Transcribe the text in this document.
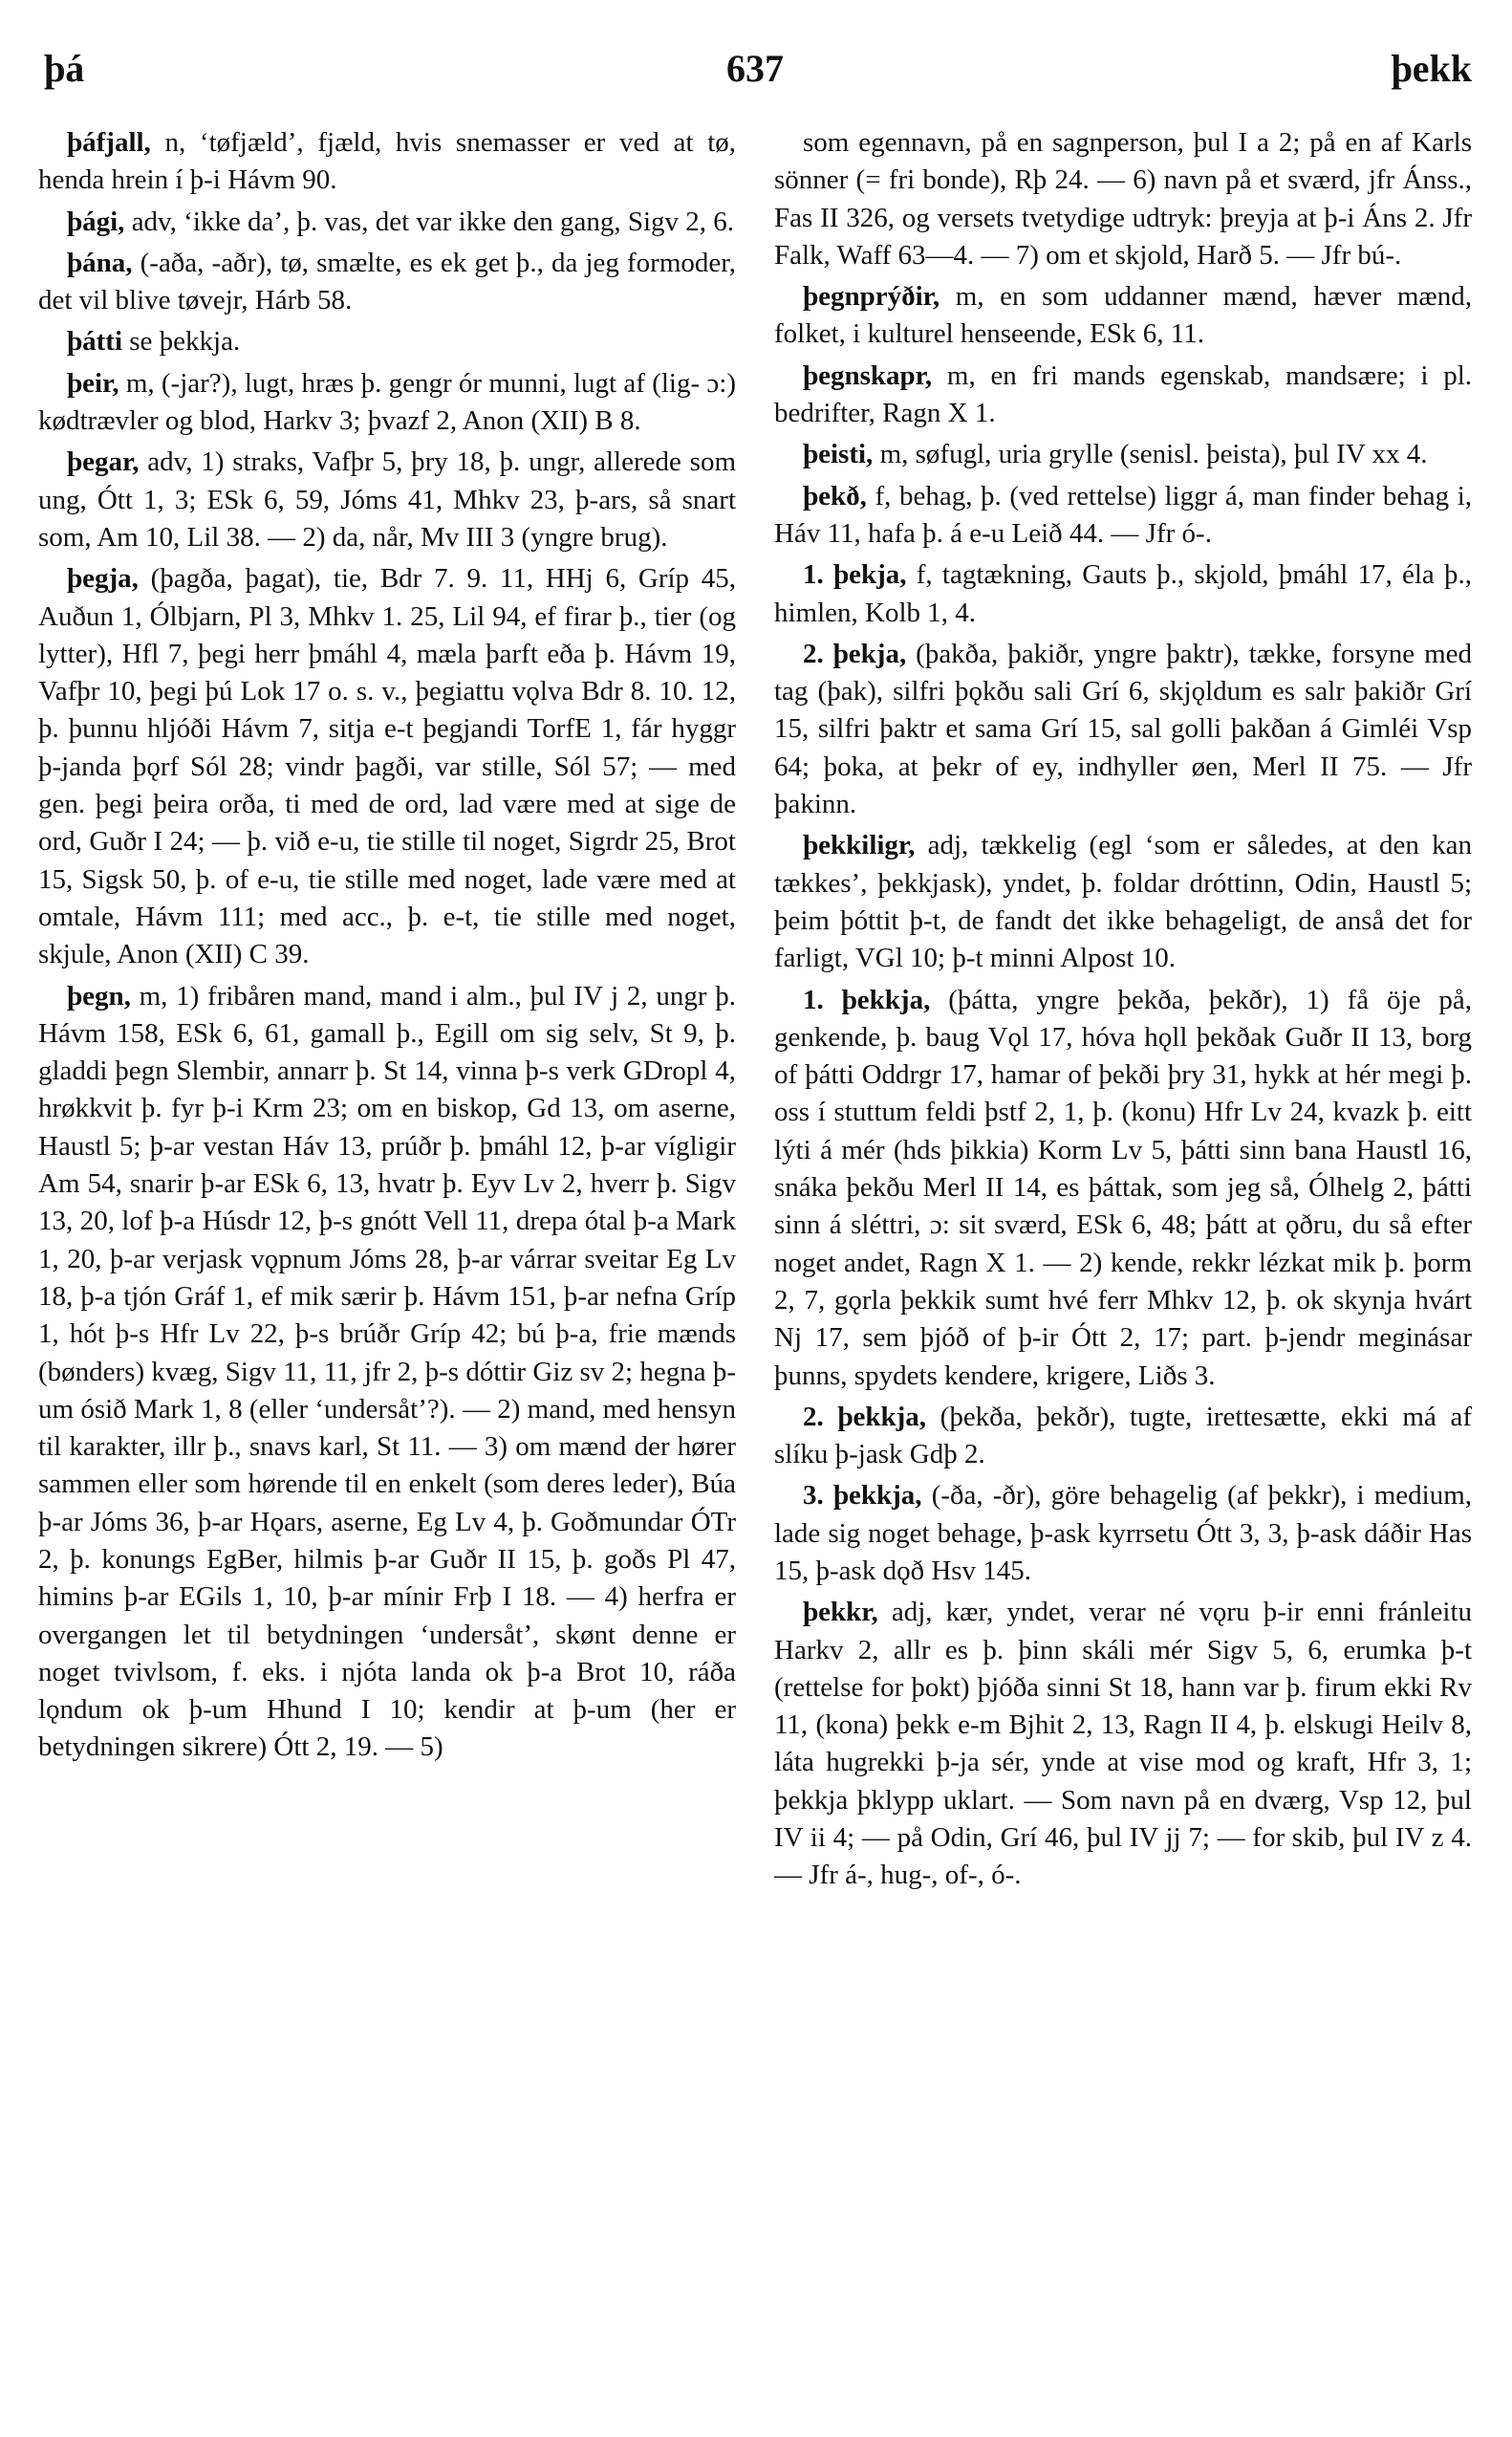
þá	637	þekk

þáfjall, n, ‘tøfjæld’, fjæld, hvis snemasser er ved at tø, henda hrein í þ-i Hávm 90.

þági, adv, ‘ikke da’, þ. vas, det var ikke den gang, Sigv 2, 6.

þána, (-aða, -aðr), tø, smælte, es ek get þ., da jeg formoder, det vil blive tøvejr, Hárb 58.

þátti se þekkja.

þeir, m, (-jar?), lugt, hræs þ. gengr ór munni, lugt af (lig- ɔ:) kødtrævler og blod, Harkv 3; þvazf 2, Anon (XII) B 8.

þegar, adv, 1) straks, Vafþr 5, þry 18, þ. ungr, allerede som ung, Ótt 1, 3; ESk 6, 59, Jóms 41, Mhkv 23, þ-ars, så snart som, Am 10, Lil 38. — 2) da, når, Mv III 3 (yngre brug).

þegja, (þagða, þagat), tie, Bdr 7. 9. 11, HHj 6, Gríp 45, Auðun 1, Ólbjarn, Pl 3, Mhkv 1. 25, Lil 94, ef firar þ., tier (og lytter), Hfl 7, þegi herr þmáhl 4, mæla þarft eða þ. Hávm 19, Vafþr 10, þegi þú Lok 17 o. s. v., þegiattu vǫlva Bdr 8. 10. 12, þ. þunnu hljóði Hávm 7, sitja e-t þegjandi TorfE 1, fár hyggr þ-janda þǫrf Sól 28; vindr þagði, var stille, Sól 57; — med gen. þegi þeira orða, ti med de ord, lad være med at sige de ord, Guðr I 24; — þ. við e-u, tie stille til noget, Sigrdr 25, Brot 15, Sigsk 50, þ. of e-u, tie stille med noget, lade være med at omtale, Hávm 111; med acc., þ. e-t, tie stille med noget, skjule, Anon (XII) C 39.

þegn, m, 1) fribåren mand, mand i alm., þul IV j 2, ungr þ. Hávm 158, ESk 6, 61, gamall þ., Egill om sig selv, St 9, þ. gladdi þegn Slembir, annarr þ. St 14, vinna þ-s verk GDropl 4, hrøkkvit þ. fyr þ-i Krm 23; om en biskop, Gd 13, om aserne, Haustl 5; þ-ar vestan Háv 13, prúðr þ. þmáhl 12, þ-ar vígligir Am 54, snarir þ-ar ESk 6, 13, hvatr þ. Eyv Lv 2, hverr þ. Sigv 13, 20, lof þ-a Húsdr 12, þ-s gnótt Vell 11, drepa ótal þ-a Mark 1, 20, þ-ar verjask vǫpnum Jóms 28, þ-ar várrar sveitar Eg Lv 18, þ-a tjón Gráf 1, ef mik særir þ. Hávm 151, þ-ar nefna Gríp 1, hót þ-s Hfr Lv 22, þ-s brúðr Gríp 42; bú þ-a, frie mænds (bønders) kvæg, Sigv 11, 11, jfr 2, þ-s dóttir Giz sv 2; hegna þ-um ósið Mark 1, 8 (eller ‘undersåt’?). — 2) mand, med hensyn til karakter, illr þ., snavs karl, St 11. — 3) om mænd der hører sammen eller som hørende til en enkelt (som deres leder), Búa þ-ar Jóms 36, þ-ar Hǫars, aserne, Eg Lv 4, þ. Goðmundar ÓTr 2, þ. konungs EgBer, hilmis þ-ar Guðr II 15, þ. goðs Pl 47, himins þ-ar EGils 1, 10, þ-ar mínir Frþ I 18. — 4) herfra er overgangen let til betydningen ‘undersåt’, skønt denne er noget tvivlsom, f. eks. i njóta landa ok þ-a Brot 10, ráða lǫndum ok þ-um Hhund I 10; kendir at þ-um (her er betydningen sikrere) Ótt 2, 19. — 5)

som egennavn, på en sagnperson, þul I a 2; på en af Karls sönner (= fri bonde), Rþ 24. — 6) navn på et sværd, jfr Ánss., Fas II 326, og versets tvetydige udtryk: þreyja at þ-i Áns 2. Jfr Falk, Waff 63—4. — 7) om et skjold, Harð 5. — Jfr bú-.

þegnprýðir, m, en som uddanner mænd, hæver mænd, folket, i kulturel henseende, ESk 6, 11.

þegnskapr, m, en fri mands egenskab, mandsære; i pl. bedrifter, Ragn X 1.

þeisti, m, søfugl, uria grylle (senisl. þeista), þul IV xx 4.

þekð, f, behag, þ. (ved rettelse) liggr á, man finder behag i, Háv 11, hafa þ. á e-u Leið 44. — Jfr ó-.

1. þekja, f, tagtækning, Gauts þ., skjold, þmáhl 17, éla þ., himlen, Kolb 1, 4.

2. þekja, (þakða, þakiðr, yngre þaktr), tække, forsyne med tag (þak), silfri þǫkðu sali Grí 6, skjǫldum es salr þakiðr Grí 15, silfri þaktr et sama Grí 15, sal golli þakðan á Gimléi Vsp 64; þoka, at þekr of ey, indhyller øen, Merl II 75. — Jfr þakinn.

þekkiligr, adj, tækkelig (egl ‘som er således, at den kan tækkes’, þekkjask), yndet, þ. foldar dróttinn, Odin, Haustl 5; þeim þóttit þ-t, de fandt det ikke behageligt, de anså det for farligt, VGl 10; þ-t minni Alpost 10.

1. þekkja, (þátta, yngre þekða, þekðr), 1) få öje på, genkende, þ. baug Vǫl 17, hóva hǫll þekðak Guðr II 13, borg of þátti Oddrgr 17, hamar of þekði þry 31, hykk at hér megi þ. oss í stuttum feldi þstf 2, 1, þ. (konu) Hfr Lv 24, kvazk þ. eitt lýti á mér (hds þikkia) Korm Lv 5, þátti sinn bana Haustl 16, snáka þekðu Merl II 14, es þáttak, som jeg så, Ólhelg 2, þátti sinn á sléttri, ɔ: sit sværd, ESk 6, 48; þátt at ǫðru, du så efter noget andet, Ragn X 1. — 2) kende, rekkr lézkat mik þ. þorm 2, 7, gǫrla þekkik sumt hvé ferr Mhkv 12, þ. ok skynja hvárt Nj 17, sem þjóð of þ-ir Ótt 2, 17; part. þ-jendr meginásar þunns, spydets kendere, krigere, Liðs 3.

2. þekkja, (þekða, þekðr), tugte, irettesætte, ekki má af slíku þ-jask Gdþ 2.

3. þekkja, (-ða, -ðr), göre behagelig (af þekkr), i medium, lade sig noget behage, þ-ask kyrrsetu Ótt 3, 3, þ-ask dáðir Has 15, þ-ask dǫð Hsv 145.

þekkr, adj, kær, yndet, verar né vǫru þ-ir enni fránleitu Harkv 2, allr es þ. þinn skáli mér Sigv 5, 6, erumka þ-t (rettelse for þokt) þjóða sinni St 18, hann var þ. firum ekki Rv 11, (kona) þekk e-m Bjhit 2, 13, Ragn II 4, þ. elskugi Heilv 8, láta hugrekki þ-ja sér, ynde at vise mod og kraft, Hfr 3, 1; þekkja þklypp uklart. — Som navn på en dværg, Vsp 12, þul IV ii 4; — på Odin, Grí 46, þul IV jj 7; — for skib, þul IV z 4. — Jfr á-, hug-, of-, ó-.
